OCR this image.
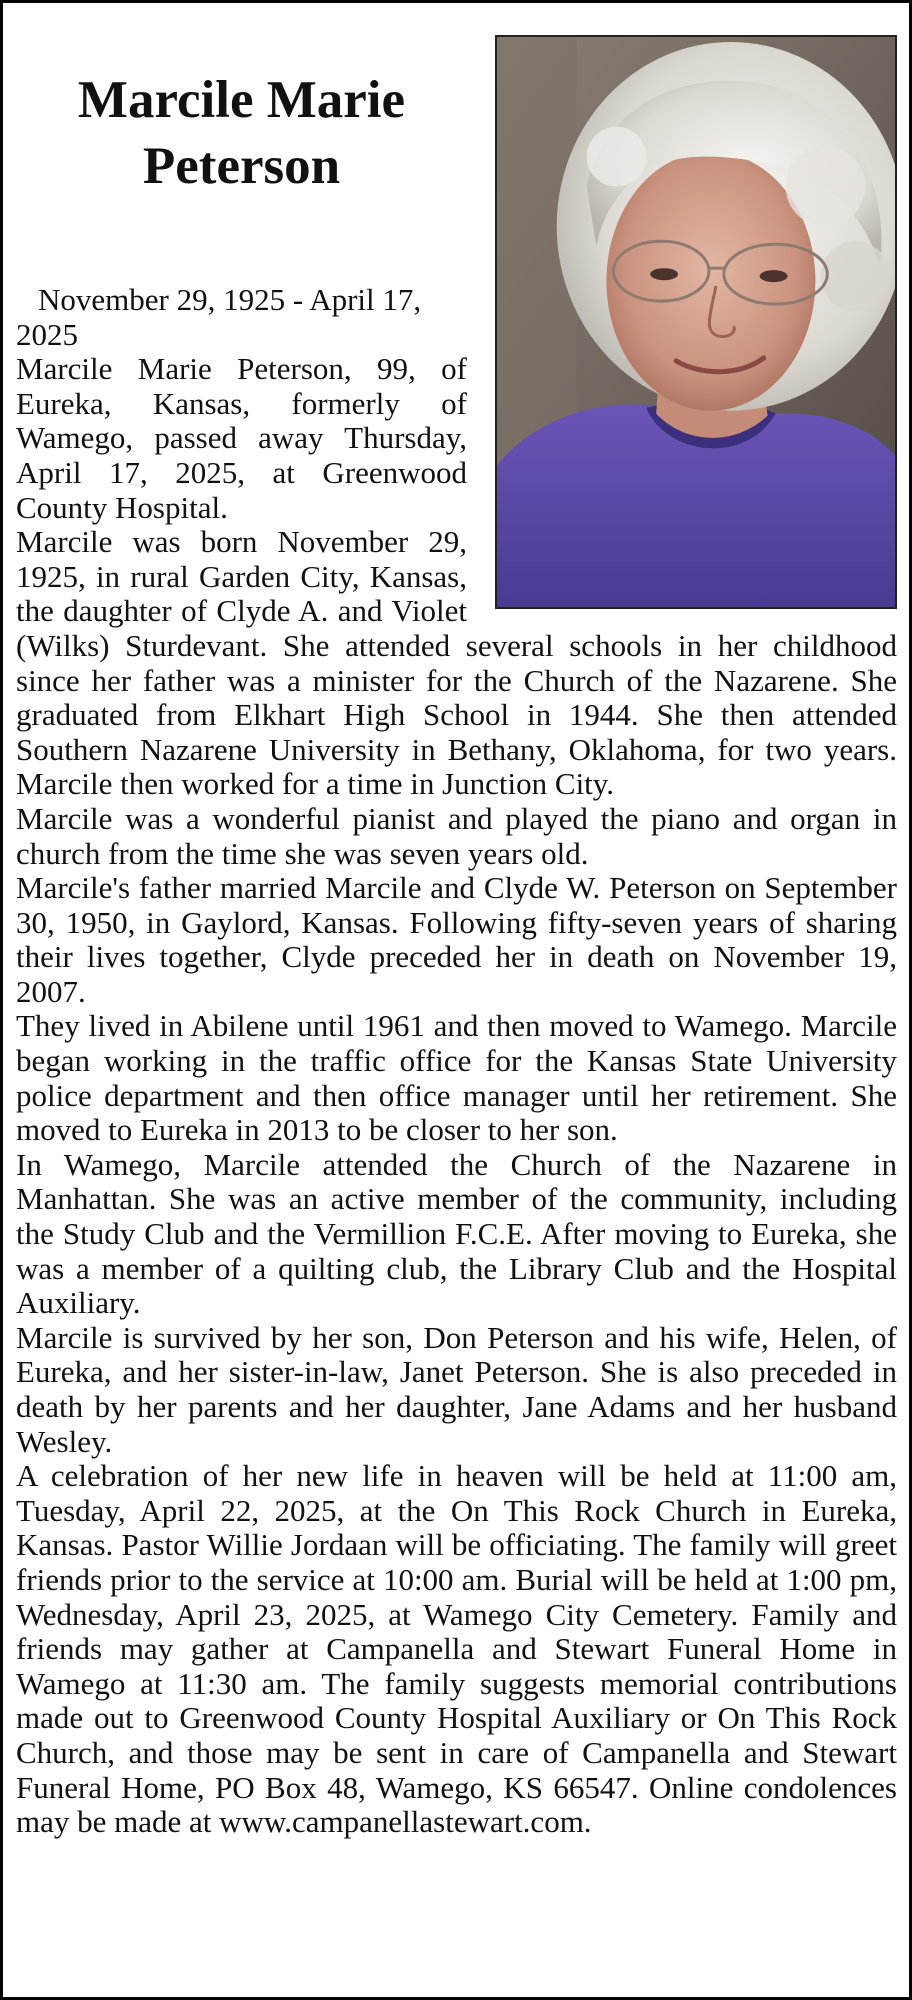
Marcile Marie
Peterson

November 29, 1925 - April 17, 2025

Marcile Marie Peterson, 99, of Eureka, Kansas, formerly of Wamego, passed away Thursday, April 17, 2025, at Greenwood County Hospital.

Marcile was born November 29, 1925, in rural Garden City, Kansas, the daughter of Clyde A. and Violet (Wilks) Sturdevant. She attended several schools in her childhood since her father was a minister for the Church of the Nazarene. She graduated from Elkhart High School in 1944. She then attended Southern Nazarene University in Bethany, Oklahoma, for two years. Marcile then worked for a time in Junction City.

Marcile was a wonderful pianist and played the piano and organ in church from the time she was seven years old.

Marcile's father married Marcile and Clyde W. Peterson on September 30, 1950, in Gaylord, Kansas. Following fifty-seven years of sharing their lives together, Clyde preceded her in death on November 19, 2007.

They lived in Abilene until 1961 and then moved to Wamego. Marcile began working in the traffic office for the Kansas State University police department and then office manager until her retirement. She moved to Eureka in 2013 to be closer to her son.

In Wamego, Marcile attended the Church of the Nazarene in Manhattan. She was an active member of the community, including the Study Club and the Vermillion F.C.E. After moving to Eureka, she was a member of a quilting club, the Library Club and the Hospital Auxiliary.

Marcile is survived by her son, Don Peterson and his wife, Helen, of Eureka, and her sister-in-law, Janet Peterson. She is also preceded in death by her parents and her daughter, Jane Adams and her husband Wesley.

A celebration of her new life in heaven will be held at 11:00 am, Tuesday, April 22, 2025, at the On This Rock Church in Eureka, Kansas. Pastor Willie Jordaan will be officiating. The family will greet friends prior to the service at 10:00 am. Burial will be held at 1:00 pm, Wednesday, April 23, 2025, at Wamego City Cemetery. Family and friends may gather at Campanella and Stewart Funeral Home in Wamego at 11:30 am. The family suggests memorial contributions made out to Greenwood County Hospital Auxiliary or On This Rock Church, and those may be sent in care of Campanella and Stewart Funeral Home, PO Box 48, Wamego, KS 66547. Online condolences may be made at www.campanellastewart.com.
